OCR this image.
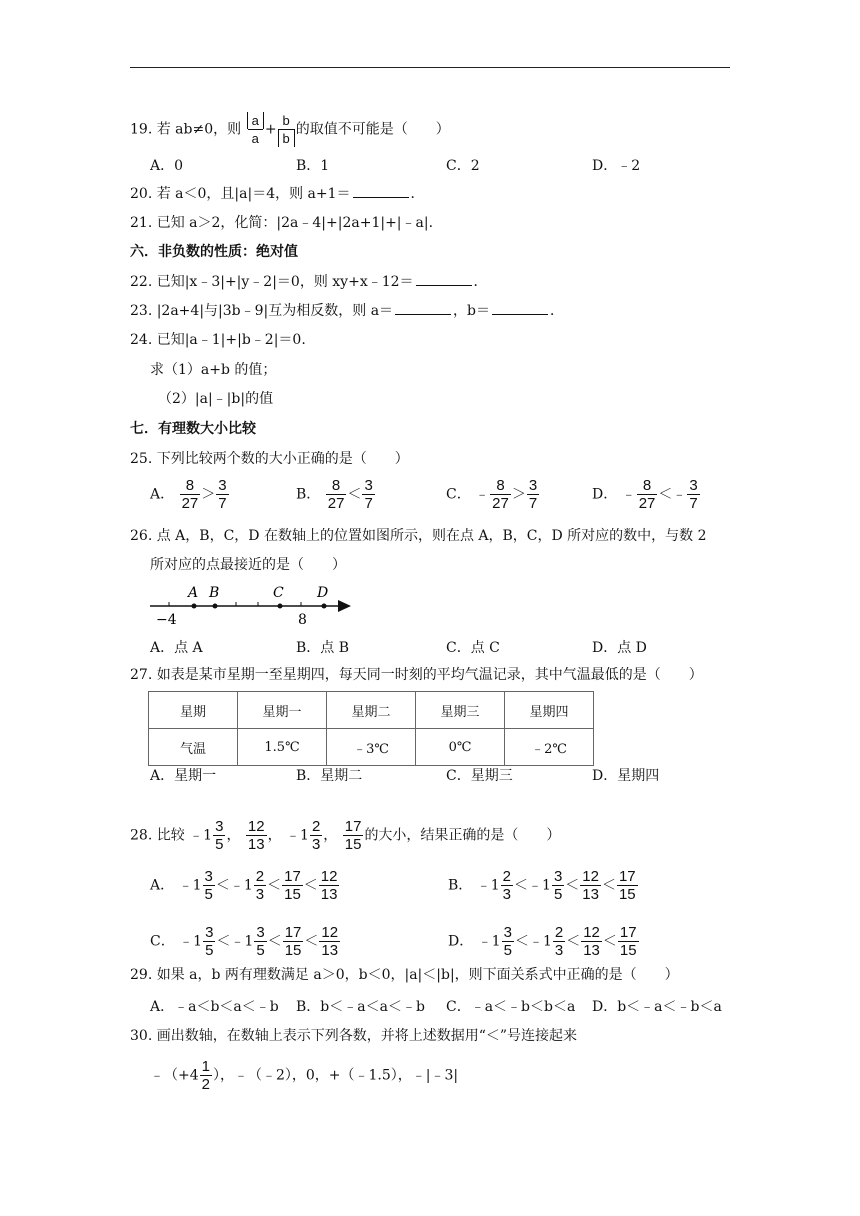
19. 若 ab≠0，则 $\frac{a}{a} + \frac{b}{b}$ 的取值不可能是（　　）
A．0	B．1	C．2	D．﹣2
20. 若 a＜0，且|a|＝4，则 a+1＝	．
21. 已知 a＞2，化简：|2a﹣4|+|2a+1|+|﹣a|.
六．非负数的性质：绝对值
22. 已知|x﹣3|+|y﹣2|＝0，则 xy+x﹣12＝	．
23. |2a+4|与|3b﹣9|互为相反数，则 a＝	，b＝	．
24. 已知|a﹣1|+|b﹣2|＝0.
求（1）a+b 的值；
（2）|a|﹣|b|的值
七．有理数大小比较
25. 下列比较两个数的大小正确的是（　　）
A． $\frac{8}{27} > \frac{3}{7}$	B． $\frac{8}{27} < \frac{3}{7}$	C． ﹣ $\frac{8}{27} > \frac{3}{7}$	D． ﹣ $\frac{8}{27}$ ＜﹣ $\frac{3}{7}$
26. 点 A，B，C，D 在数轴上的位置如图所示，则在点 A，B，C，D 所对应的数中，与数 2
所对应的点最接近的是（　　）
A B	C D
−4	8
A．点 A	B．点 B	C．点 C	D．点 D
27. 如表是某市星期一至星期四，每天同一时刻的平均气温记录，其中气温最低的是（　　）
星期	星期一	星期二	星期三	星期四
气温	1.5℃	﹣3℃	0℃	﹣2℃
A．星期一	B．星期二	C．星期三	D．星期四
28. 比较 ﹣1 $\frac{3}{5}$ ， $\frac{12}{13}$ ， ﹣1 $\frac{2}{3}$ ， $\frac{17}{15}$ 的大小，结果正确的是（　　）
A． ﹣1 $\frac{3}{5}$ ＜﹣1 $\frac{2}{3} < \frac{17}{15} < \frac{12}{13}$	B． ﹣1 $\frac{2}{3}$ ＜﹣1 $\frac{3}{5} < \frac{12}{13} < \frac{17}{15}$
C． ﹣1 $\frac{3}{5}$ ＜﹣1 $\frac{3}{5} < \frac{17}{15} < \frac{12}{13}$	D． ﹣1 $\frac{3}{5}$ ＜﹣1 $\frac{2}{3} < \frac{12}{13} < \frac{17}{15}$
29. 如果 a，b 两有理数满足 a＞0，b＜0，|a|＜|b|，则下面关系式中正确的是（　　）
A．﹣a＜b＜a＜﹣b B．b＜﹣a＜a＜﹣b C．﹣a＜﹣b＜b＜a D．b＜﹣a＜﹣b＜a
30. 画出数轴，在数轴上表示下列各数，并将上述数据用“＜”号连接起来
﹣（+4 $\frac{1}{2}$ ），﹣（﹣2），0，+（﹣1.5），﹣|﹣3|
